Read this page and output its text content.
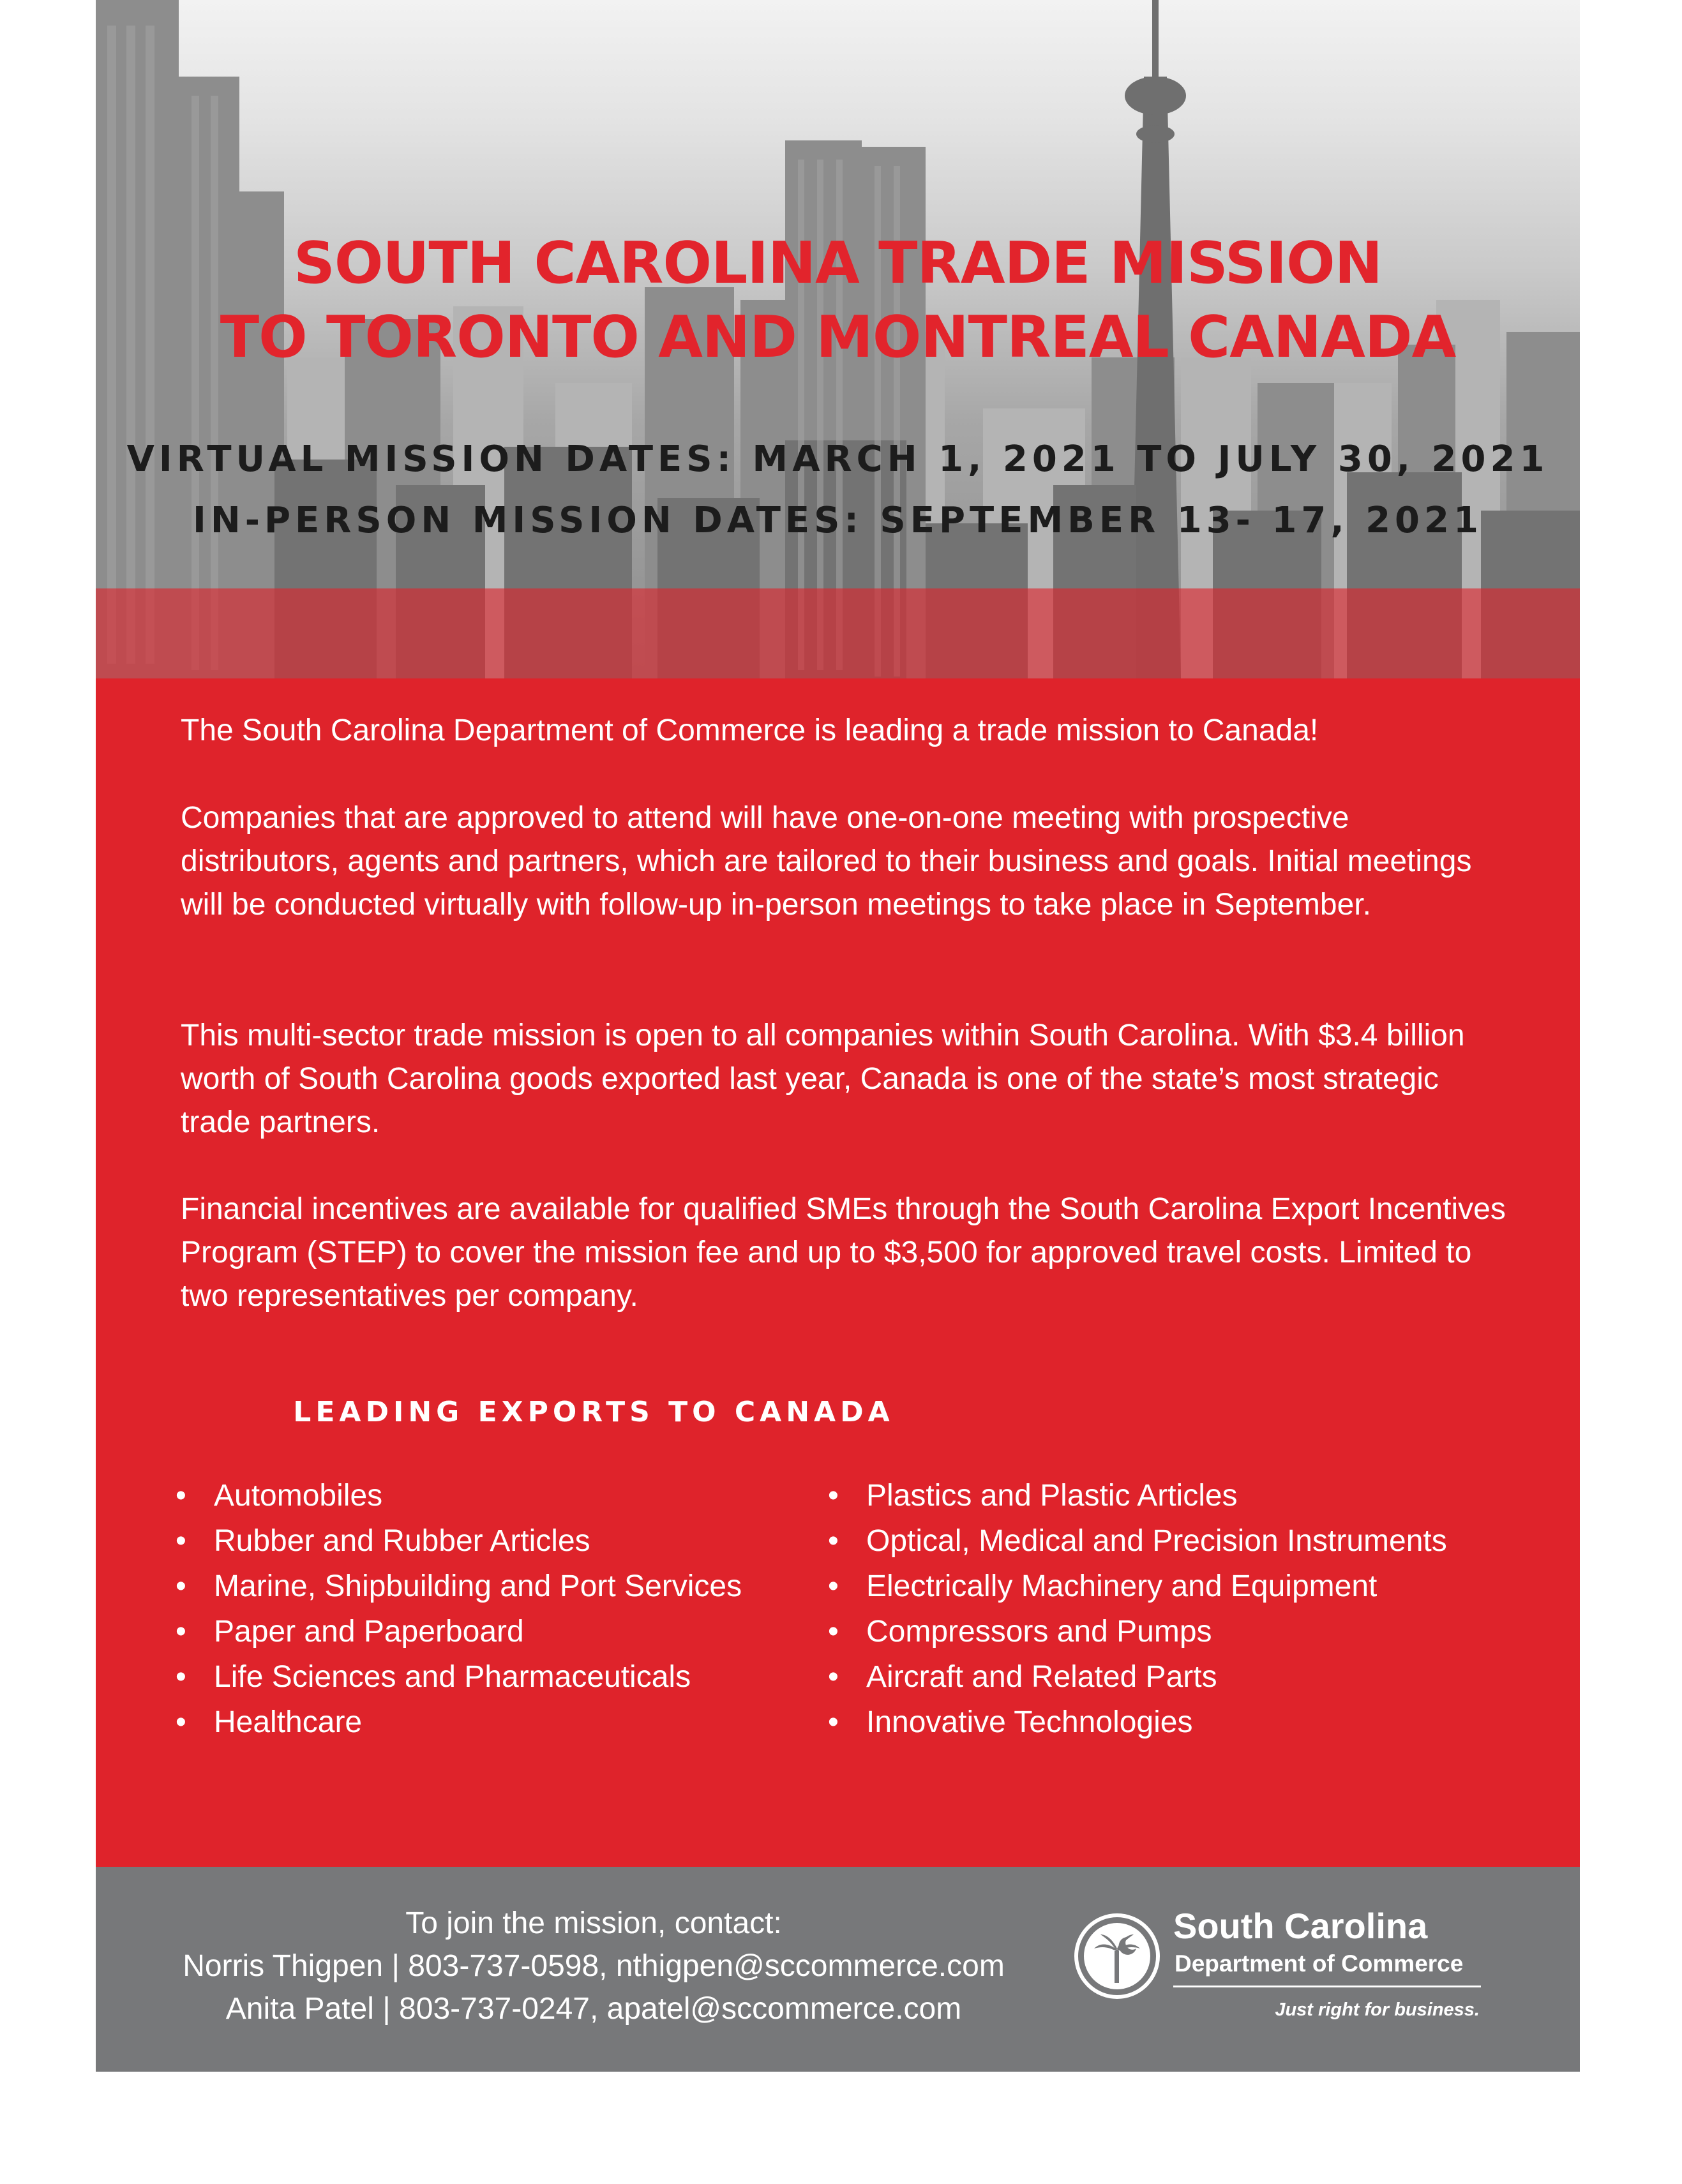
SOUTH CAROLINA TRADE MISSION
TO TORONTO AND MONTREAL CANADA
VIRTUAL MISSION DATES: MARCH 1, 2021 TO JULY 30, 2021
IN-PERSON MISSION DATES: SEPTEMBER 13- 17, 2021

The South Carolina Department of Commerce is leading a trade mission to Canada!

Companies that are approved to attend will have one-on-one meeting with prospective distributors, agents and partners, which are tailored to their business and goals. Initial meetings will be conducted virtually with follow-up in-person meetings to take place in September.

This multi-sector trade mission is open to all companies within South Carolina. With $3.4 billion worth of South Carolina goods exported last year, Canada is one of the state’s most strategic trade partners.

Financial incentives are available for qualified SMEs through the South Carolina Export Incentives Program (STEP) to cover the mission fee and up to $3,500 for approved travel costs. Limited to two representatives per company.

LEADING EXPORTS TO CANADA
• Automobiles
• Rubber and Rubber Articles
• Marine, Shipbuilding and Port Services
• Paper and Paperboard
• Life Sciences and Pharmaceuticals
• Healthcare
• Plastics and Plastic Articles
• Optical, Medical and Precision Instruments
• Electrically Machinery and Equipment
• Compressors and Pumps
• Aircraft and Related Parts
• Innovative Technologies
To join the mission, contact:
Norris Thigpen | 803-737-0598, nthigpen@sccommerce.com
Anita Patel | 803-737-0247, apatel@sccommerce.com
South Carolina
Department of Commerce
Just right for business.
